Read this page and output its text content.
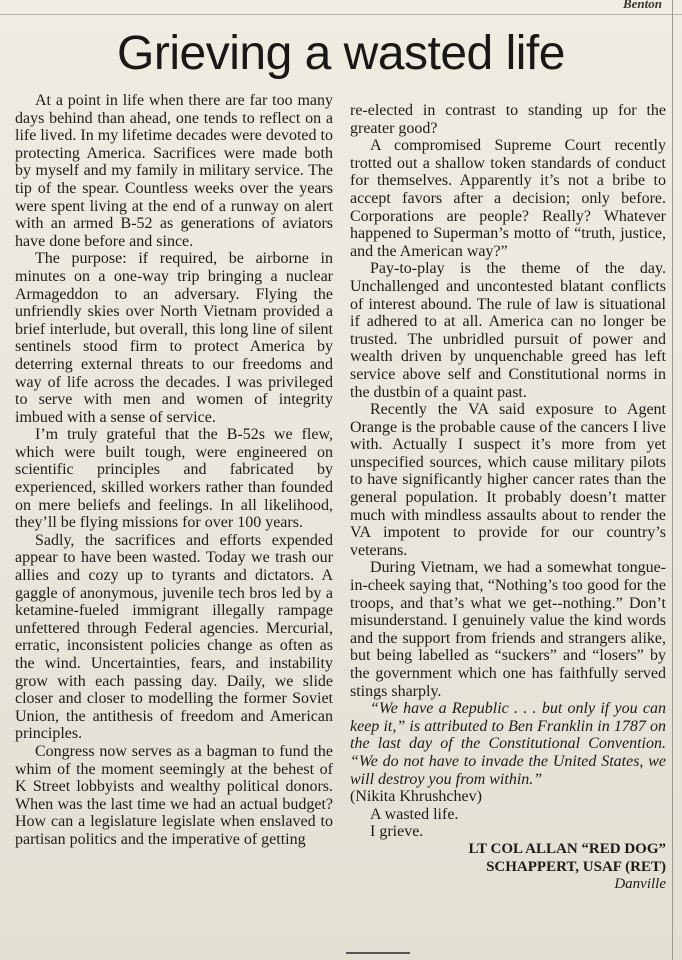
Benton
Grieving a wasted life

At a point in life when there are far too many days behind than ahead, one tends to reflect on a life lived. In my lifetime decades were devoted to protecting America. Sacrifices were made both by myself and my family in military service. The tip of the spear. Countless weeks over the years were spent living at the end of a runway on alert with an armed B-52 as generations of aviators have done before and since.

The purpose: if required, be airborne in minutes on a one-way trip bringing a nuclear Armageddon to an adversary. Flying the unfriendly skies over North Vietnam provided a brief interlude, but overall, this long line of silent sentinels stood firm to protect America by deterring external threats to our freedoms and way of life across the decades. I was privileged to serve with men and women of integrity imbued with a sense of service.

I’m truly grateful that the B-52s we flew, which were built tough, were engineered on scientific principles and fabricated by experienced, skilled workers rather than founded on mere beliefs and feelings. In all likelihood, they’ll be flying missions for over 100 years.

Sadly, the sacrifices and efforts expended appear to have been wasted. Today we trash our allies and cozy up to tyrants and dictators. A gaggle of anonymous, juvenile tech bros led by a ketamine-fueled immigrant illegally rampage unfettered through Federal agencies. Mercurial, erratic, inconsistent policies change as often as the wind. Uncertainties, fears, and instability grow with each passing day. Daily, we slide closer and closer to modelling the former Soviet Union, the antithesis of freedom and American principles.

Congress now serves as a bagman to fund the whim of the moment seemingly at the behest of K Street lobbyists and wealthy political donors. When was the last time we had an actual budget? How can a legislature legislate when enslaved to partisan politics and the imperative of getting

re-elected in contrast to standing up for the greater good?

A compromised Supreme Court recently trotted out a shallow token standards of conduct for themselves. Apparently it’s not a bribe to accept favors after a decision; only before. Corporations are people? Really? Whatever happened to Superman’s motto of “truth, justice, and the American way?”

Pay-to-play is the theme of the day. Unchallenged and uncontested blatant conflicts of interest abound. The rule of law is situational if adhered to at all. America can no longer be trusted. The unbridled pursuit of power and wealth driven by unquenchable greed has left service above self and Constitutional norms in the dustbin of a quaint past.

Recently the VA said exposure to Agent Orange is the probable cause of the cancers I live with. Actually I suspect it’s more from yet unspecified sources, which cause military pilots to have significantly higher cancer rates than the general population. It probably doesn’t matter much with mindless assaults about to render the VA impotent to provide for our country’s veterans.

During Vietnam, we had a somewhat tongue-in-cheek saying that, “Nothing’s too good for the troops, and that’s what we get--nothing.” Don’t misunderstand. I genuinely value the kind words and the support from friends and strangers alike, but being labelled as “suckers” and “losers” by the government which one has faithfully served stings sharply.

“We have a Republic . . . but only if you can keep it,” is attributed to Ben Franklin in 1787 on the last day of the Constitutional Convention. “We do not have to invade the United States, we will destroy you from within.”

(Nikita Khrushchev)

A wasted life.

I grieve.

LT COL ALLAN “RED DOG”

SCHAPPERT, USAF (RET)

Danville
